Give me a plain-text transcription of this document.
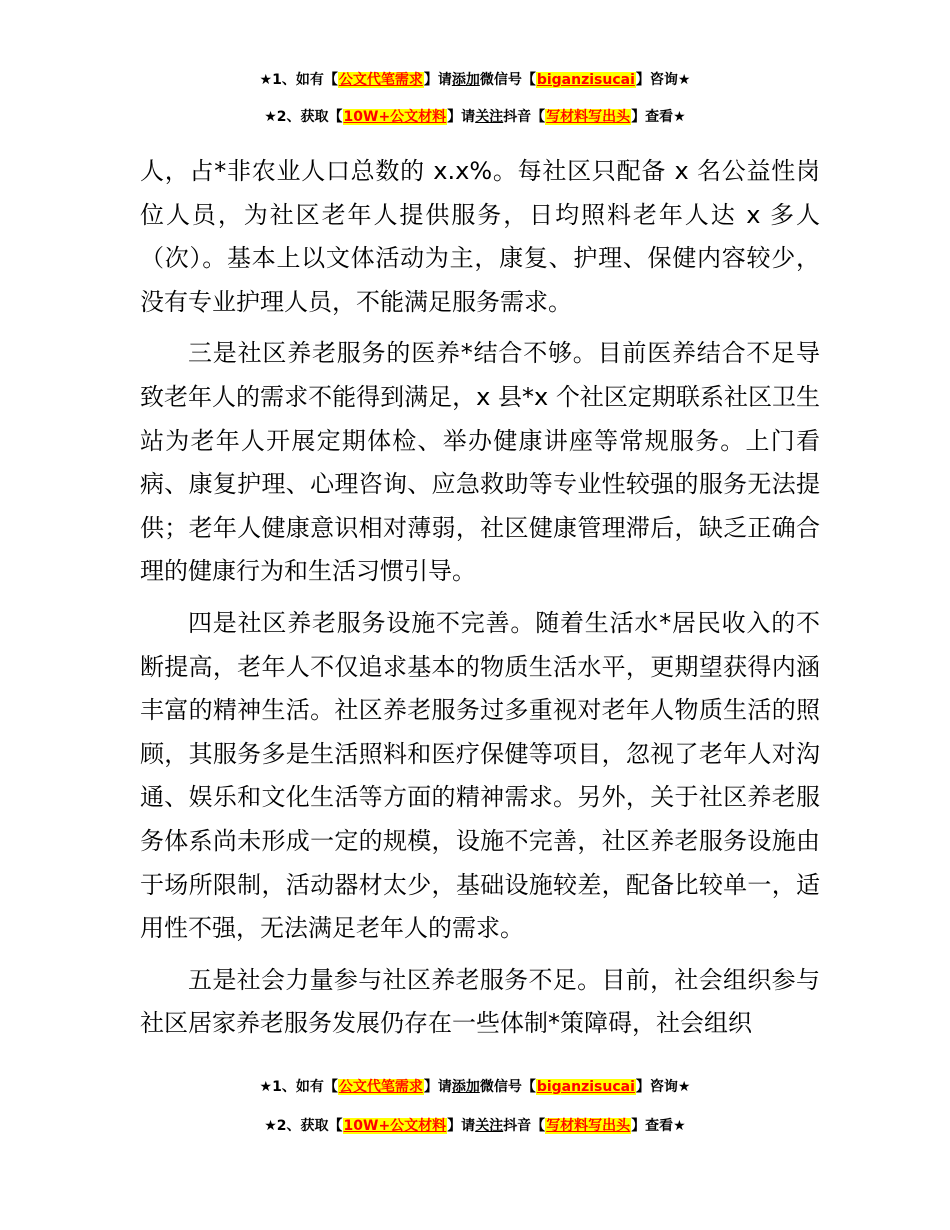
★1、如有【公文代笔需求】请添加微信号【biganzisucai】咨询★
★2、获取【10W+公文材料】请关注抖音【写材料写出头】查看★

人，占*非农业人口总数的 x.x%。每社区只配备 x 名公益性岗位人员，为社区老年人提供服务，日均照料老年人达 x 多人（次）。基本上以文体活动为主，康复、护理、保健内容较少，没有专业护理人员，不能满足服务需求。

三是社区养老服务的医养*结合不够。目前医养结合不足导致老年人的需求不能得到满足，x 县*x 个社区定期联系社区卫生站为老年人开展定期体检、举办健康讲座等常规服务。上门看病、康复护理、心理咨询、应急救助等专业性较强的服务无法提供；老年人健康意识相对薄弱，社区健康管理滞后，缺乏正确合理的健康行为和生活习惯引导。

四是社区养老服务设施不完善。随着生活水*居民收入的不断提高，老年人不仅追求基本的物质生活水平，更期望获得内涵丰富的精神生活。社区养老服务过多重视对老年人物质生活的照顾，其服务多是生活照料和医疗保健等项目，忽视了老年人对沟通、娱乐和文化生活等方面的精神需求。另外，关于社区养老服务体系尚未形成一定的规模，设施不完善，社区养老服务设施由于场所限制，活动器材太少，基础设施较差，配备比较单一，适用性不强，无法满足老年人的需求。

五是社会力量参与社区养老服务不足。目前，社会组织参与社区居家养老服务发展仍存在一些体制*策障碍，社会组织

★1、如有【公文代笔需求】请添加微信号【biganzisucai】咨询★
★2、获取【10W+公文材料】请关注抖音【写材料写出头】查看★
